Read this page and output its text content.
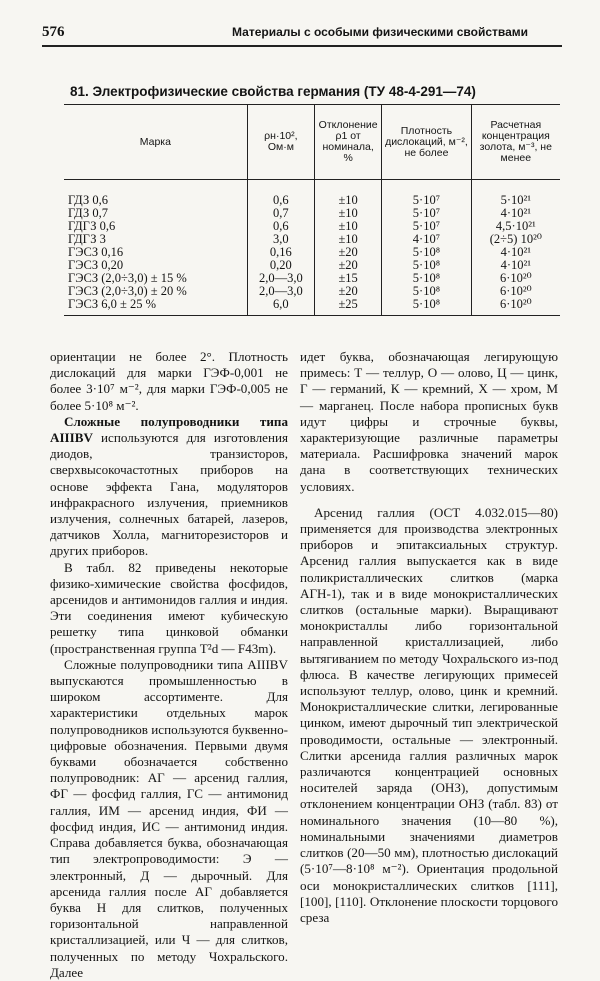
576	Материалы с особыми физическими свойствами
81. Электрофизические свойства германия (ТУ 48-4-291—74)
Марка	ρн·10², Ом·м	Отклонение ρ1 от номинала, %	Плотность дислокаций, м⁻², не более	Расчетная концентрация золота, м⁻³, не менее
ГДЗ 0,6	0,6	±10	5·10⁷	5·10²¹
ГДЗ 0,7	0,7	±10	5·10⁷	4·10²¹
ГДГЗ 0,6	0,6	±10	5·10⁷	4,5·10²¹
ГДГЗ 3	3,0	±10	4·10⁷	(2÷5) 10²⁰
ГЭСЗ 0,16	0,16	±20	5·10⁸	4·10²¹
ГЭСЗ 0,20	0,20	±20	5·10⁸	4·10²¹
ГЭСЗ (2,0÷3,0) ± 15 %	2,0—3,0	±15	5·10⁸	6·10²⁰
ГЭСЗ (2,0÷3,0) ± 20 %	2,0—3,0	±20	5·10⁸	6·10²⁰
ГЭСЗ 6,0 ± 25 %	6,0	±25	5·10⁸	6·10²⁰

ориентации не более 2°. Плотность дислокаций для марки ГЭФ-0,001 не более 3·10⁷ м⁻², для марки ГЭФ-0,005 не более 5·10⁸ м⁻².

Сложные полупроводники типа AIIIBV используются для изготовления диодов, транзисторов, сверхвысокочастотных приборов на основе эффекта Гана, модуляторов инфракрасного излучения, приемников излучения, солнечных батарей, лазеров, датчиков Холла, магниторезисторов и других приборов.

В табл. 82 приведены некоторые физико-химические свойства фосфидов, арсенидов и антимонидов галлия и индия. Эти соединения имеют кубическую решетку типа цинковой обманки (пространственная группа T²d — F43m).

Сложные полупроводники типа AIIIBV выпускаются промышленностью в широком ассортименте. Для характеристики отдельных марок полупроводников используются буквенно-цифровые обозначения. Первыми двумя буквами обозначается собственно полупроводник: АГ — арсенид галлия, ФГ — фосфид галлия, ГС — антимонид галлия, ИМ — арсенид индия, ФИ — фосфид индия, ИС — антимонид индия. Справа добавляется буква, обозначающая тип электропроводимости: Э — электронный, Д — дырочный. Для арсенида галлия после АГ добавляется буква Н для слитков, полученных горизонтальной направленной кристаллизацией, или Ч — для слитков, полученных по методу Чохральского. Далее

идет буква, обозначающая легирующую примесь: Т — теллур, О — олово, Ц — цинк, Г — германий, К — кремний, Х — хром, М — марганец. После набора прописных букв идут цифры и строчные буквы, характеризующие различные параметры материала. Расшифровка значений марок дана в соответствующих технических условиях.

Арсенид галлия (ОСТ 4.032.015—80) применяется для производства электронных приборов и эпитаксиальных структур. Арсенид галлия выпускается как в виде поликристаллических слитков (марка АГН-1), так и в виде монокристаллических слитков (остальные марки). Выращивают монокристаллы либо горизонтальной направленной кристаллизацией, либо вытягиванием по методу Чохральского из-под флюса. В качестве легирующих примесей используют теллур, олово, цинк и кремний. Монокристаллические слитки, легированные цинком, имеют дырочный тип электрической проводимости, остальные — электронный. Слитки арсенида галлия различных марок различаются концентрацией основных носителей заряда (ОНЗ), допустимым отклонением концентрации ОНЗ (табл. 83) от номинального значения (10—80 %), номинальными значениями диаметров слитков (20—50 мм), плотностью дислокаций (5·10⁷—8·10⁸ м⁻²). Ориентация продольной оси монокристаллических слитков [111], [100], [110]. Отклонение плоскости торцового среза
